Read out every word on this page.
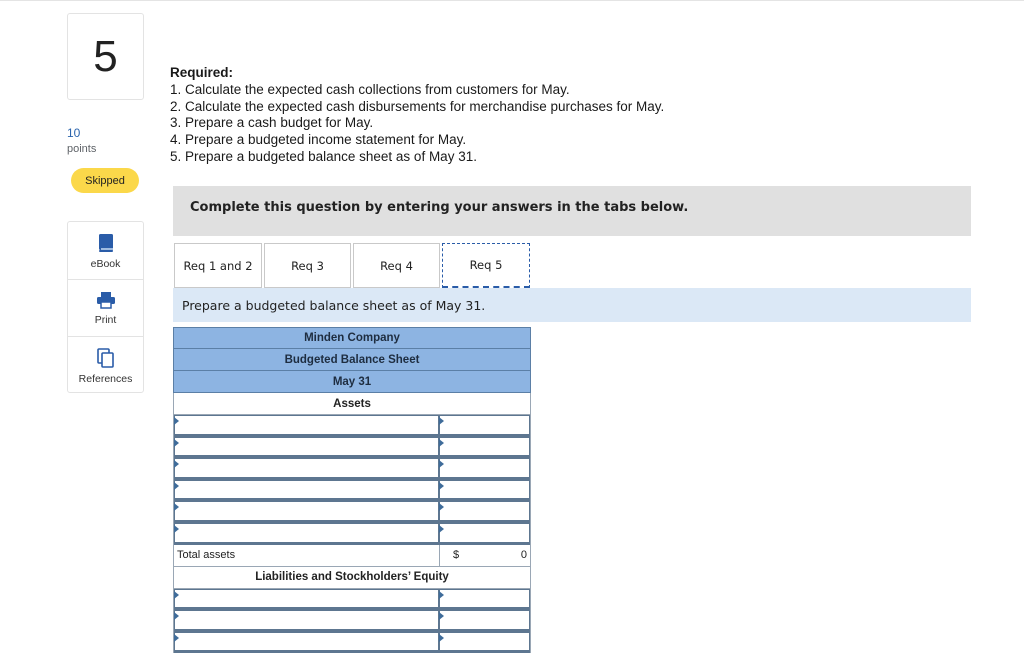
5
10
points
Skipped
eBook
Print
References
Required:
1. Calculate the expected cash collections from customers for May.
2. Calculate the expected cash disbursements for merchandise purchases for May.
3. Prepare a cash budget for May.
4. Prepare a budgeted income statement for May.
5. Prepare a budgeted balance sheet as of May 31.
Complete this question by entering your answers in the tabs below.
Req 1 and 2	Req 3	Req 4	Req 5
Prepare a budgeted balance sheet as of May 31.
Minden Company
Budgeted Balance Sheet
May 31
Assets
Total assets	$	0
Liabilities and Stockholders’ Equity
